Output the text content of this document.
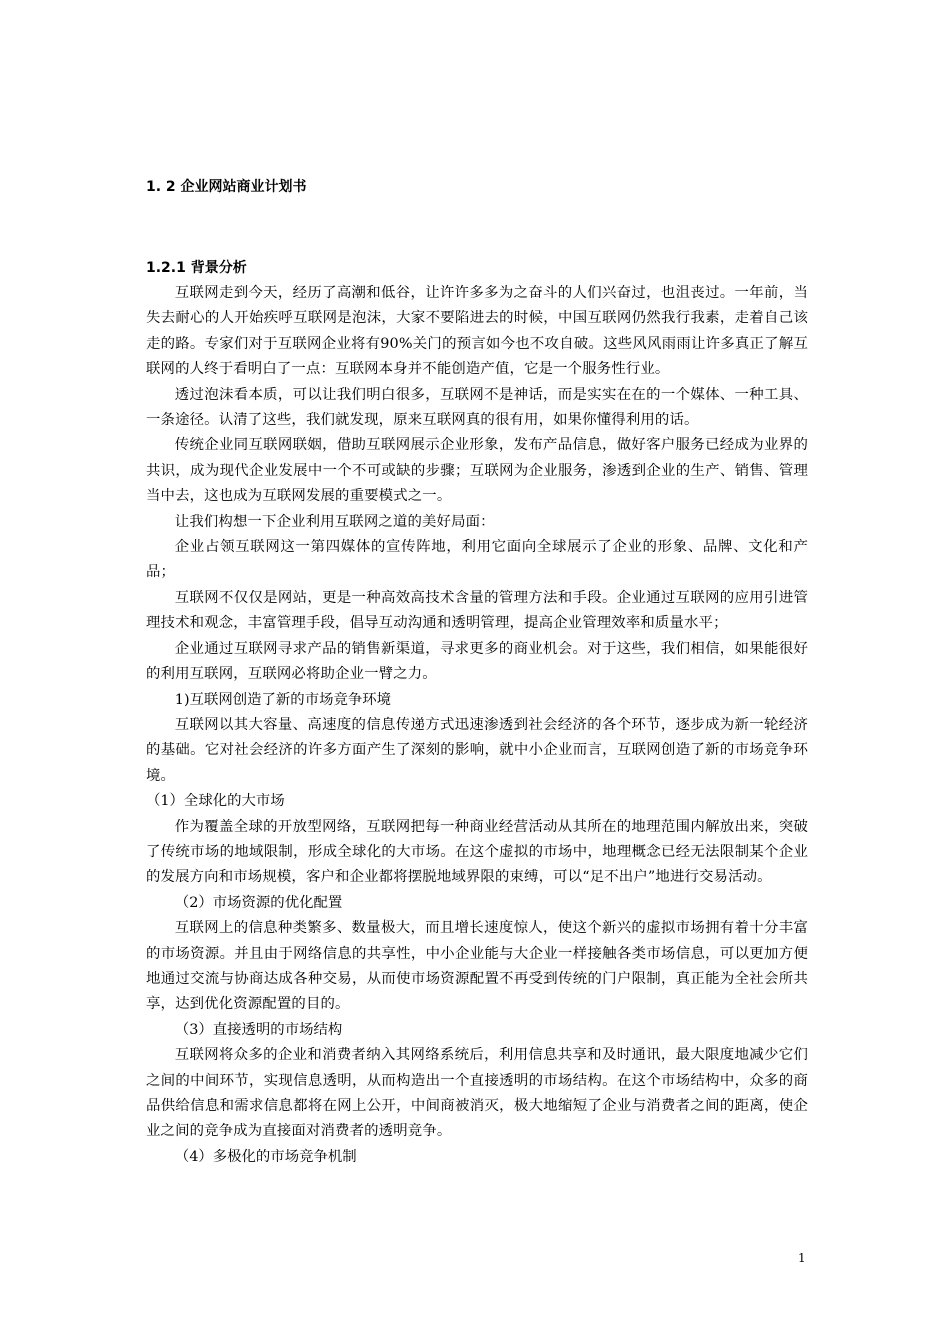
1. 2 企业网站商业计划书
1.2.1 背景分析

互联网走到今天，经历了高潮和低谷，让许许多多为之奋斗的人们兴奋过，也沮丧过。一年前，当失去耐心的人开始疾呼互联网是泡沫，大家不要陷进去的时候，中国互联网仍然我行我素，走着自己该走的路。专家们对于互联网企业将有90%关门的预言如今也不攻自破。这些风风雨雨让许多真正了解互联网的人终于看明白了一点：互联网本身并不能创造产值，它是一个服务性行业。

透过泡沫看本质，可以让我们明白很多，互联网不是神话，而是实实在在的一个媒体、一种工具、一条途径。认清了这些，我们就发现，原来互联网真的很有用，如果你懂得利用的话。

传统企业同互联网联姻，借助互联网展示企业形象，发布产品信息，做好客户服务已经成为业界的共识，成为现代企业发展中一个不可或缺的步骤；互联网为企业服务，渗透到企业的生产、销售、管理当中去，这也成为互联网发展的重要模式之一。

让我们构想一下企业利用互联网之道的美好局面：

企业占领互联网这一第四媒体的宣传阵地，利用它面向全球展示了企业的形象、品牌、文化和产品；

互联网不仅仅是网站，更是一种高效高技术含量的管理方法和手段。企业通过互联网的应用引进管理技术和观念，丰富管理手段，倡导互动沟通和透明管理，提高企业管理效率和质量水平；

企业通过互联网寻求产品的销售新渠道，寻求更多的商业机会。对于这些，我们相信，如果能很好的利用互联网，互联网必将助企业一臂之力。

1)互联网创造了新的市场竞争环境

互联网以其大容量、高速度的信息传递方式迅速渗透到社会经济的各个环节，逐步成为新一轮经济的基础。它对社会经济的许多方面产生了深刻的影响，就中小企业而言，互联网创造了新的市场竞争环境。

（1）全球化的大市场

作为覆盖全球的开放型网络，互联网把每一种商业经营活动从其所在的地理范围内解放出来，突破了传统市场的地域限制，形成全球化的大市场。在这个虚拟的市场中，地理概念已经无法限制某个企业的发展方向和市场规模，客户和企业都将摆脱地域界限的束缚，可以“足不出户”地进行交易活动。

（2）市场资源的优化配置

互联网上的信息种类繁多、数量极大，而且增长速度惊人，使这个新兴的虚拟市场拥有着十分丰富的市场资源。并且由于网络信息的共享性，中小企业能与大企业一样接触各类市场信息，可以更加方便地通过交流与协商达成各种交易，从而使市场资源配置不再受到传统的门户限制，真正能为全社会所共享，达到优化资源配置的目的。

（3）直接透明的市场结构

互联网将众多的企业和消费者纳入其网络系统后，利用信息共享和及时通讯，最大限度地减少它们之间的中间环节，实现信息透明，从而构造出一个直接透明的市场结构。在这个市场结构中，众多的商品供给信息和需求信息都将在网上公开，中间商被消灭，极大地缩短了企业与消费者之间的距离，使企业之间的竞争成为直接面对消费者的透明竞争。

（4）多极化的市场竞争机制

1
